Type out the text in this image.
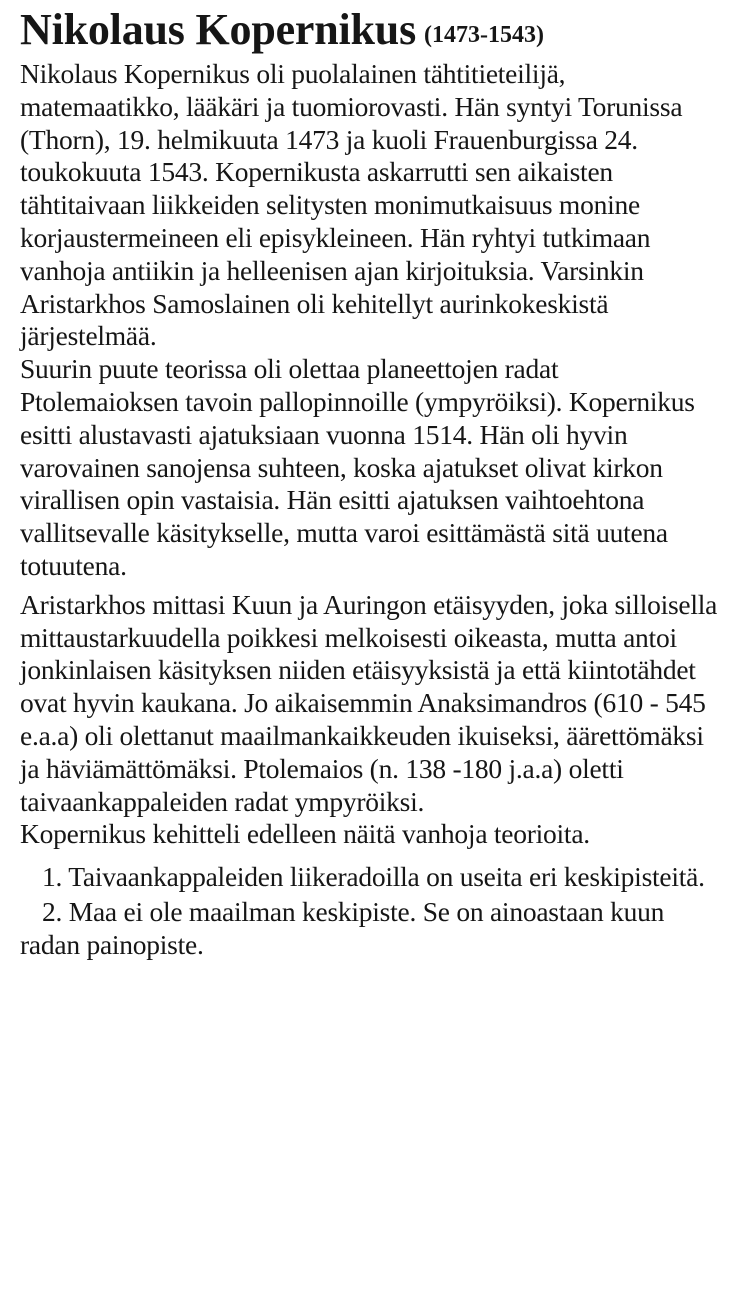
Nikolaus Kopernikus (1473-1543)

Nikolaus Kopernikus oli puolalainen tähtitieteilijä, matemaatikko, lääkäri ja tuomiorovasti. Hän syntyi Torunissa (Thorn), 19. helmikuuta 1473 ja kuoli Frauenburgissa 24. toukokuuta 1543. Kopernikusta askarrutti sen aikaisten tähtitaivaan liikkeiden selitysten monimutkaisuus monine korjaustermeineen eli episykleineen. Hän ryhtyi tutkimaan vanhoja antiikin ja helleenisen ajan kirjoituksia. Varsinkin Aristarkhos Samoslainen oli kehitellyt aurinkokeskistä järjestelmää.

Suurin puute teorissa oli olettaa planeettojen radat Ptolemaioksen tavoin pallopinnoille (ympyröiksi). Kopernikus esitti alustavasti ajatuksiaan vuonna 1514. Hän oli hyvin varovainen sanojensa suhteen, koska ajatukset olivat kirkon virallisen opin vastaisia. Hän esitti ajatuksen vaihtoehtona vallitsevalle käsitykselle, mutta varoi esittämästä sitä uutena totuutena.

Aristarkhos mittasi Kuun ja Auringon etäisyyden, joka silloisella mittaustarkuudella poikkesi melkoisesti oikeasta, mutta antoi jonkinlaisen käsityksen niiden etäisyyksistä ja että kiintotähdet ovat hyvin kaukana. Jo aikaisemmin Anaksimandros (610 - 545 e.a.a) oli olettanut maailmankaikkeuden ikuiseksi, äärettömäksi ja häviämättömäksi. Ptolemaios (n. 138 -180 j.a.a) oletti taivaankappaleiden radat ympyröiksi.

Kopernikus kehitteli edelleen näitä vanhoja teorioita.

1. Taivaankappaleiden liikeradoilla on useita eri keskipisteitä.

2. Maa ei ole maailman keskipiste. Se on ainoastaan kuun radan painopiste.
